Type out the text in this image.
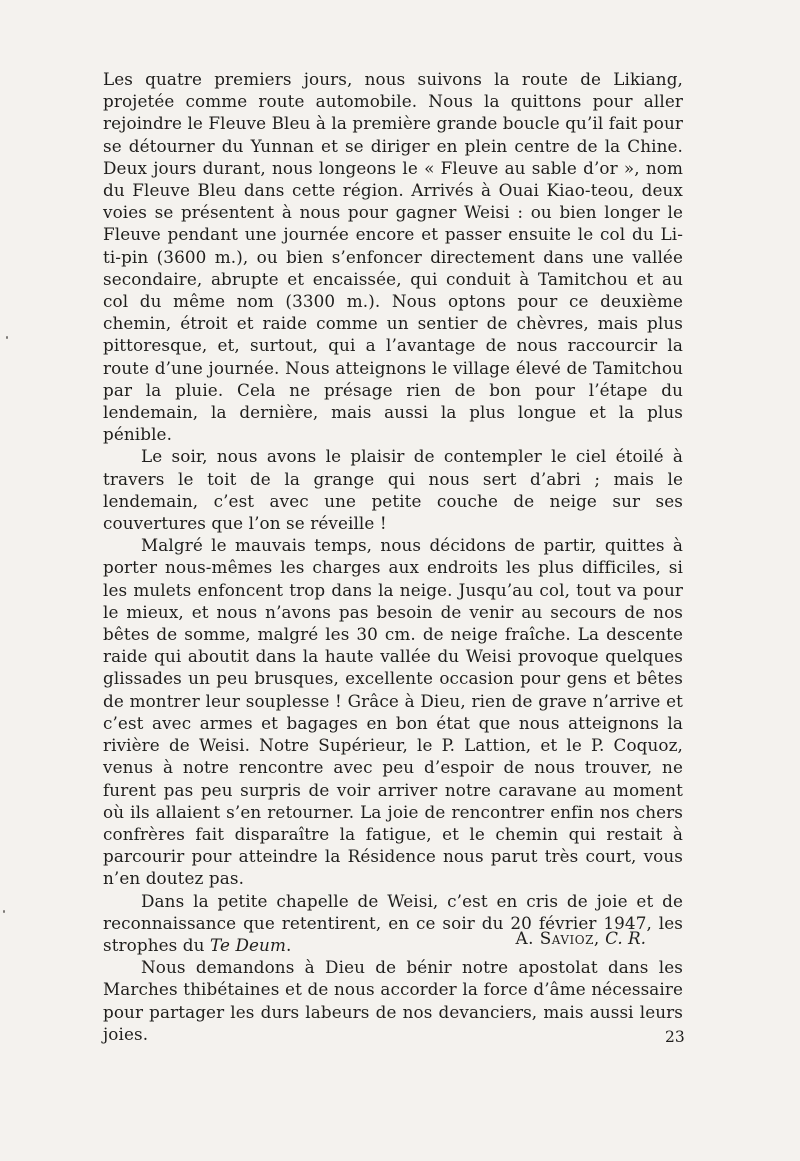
Les quatre premiers jours, nous suivons la route de Likiang, projetée comme route automobile. Nous la quittons pour aller rejoindre le Fleuve Bleu à la première grande boucle qu’il fait pour se détourner du Yunnan et se diriger en plein centre de la Chine. Deux jours durant, nous longeons le « Fleuve au sable d’or », nom du Fleuve Bleu dans cette région. Arrivés à Ouai Kiao-teou, deux voies se présentent à nous pour gagner Weisi : ou bien longer le Fleuve pendant une journée encore et passer ensuite le col du Li-ti-pin (3600 m.), ou bien s’enfoncer directement dans une vallée secondaire, abrupte et encaissée, qui conduit à Tamitchou et au col du même nom (3300 m.). Nous optons pour ce deuxième chemin, étroit et raide comme un sentier de chèvres, mais plus pittoresque, et, surtout, qui a l’avantage de nous raccourcir la route d’une journée. Nous atteignons le village élevé de Tamitchou par la pluie. Cela ne présage rien de bon pour l’étape du lendemain, la dernière, mais aussi la plus longue et la plus pénible.

Le soir, nous avons le plaisir de contempler le ciel étoilé à travers le toit de la grange qui nous sert d’abri ; mais le lendemain, c’est avec une petite couche de neige sur ses couvertures que l’on se réveille !

Malgré le mauvais temps, nous décidons de partir, quittes à porter nous-mêmes les charges aux endroits les plus difficiles, si les mulets enfoncent trop dans la neige. Jusqu’au col, tout va pour le mieux, et nous n’avons pas besoin de venir au secours de nos bêtes de somme, malgré les 30 cm. de neige fraîche. La descente raide qui aboutit dans la haute vallée du Weisi provoque quelques glissades un peu brusques, excellente occasion pour gens et bêtes de montrer leur souplesse ! Grâce à Dieu, rien de grave n’arrive et c’est avec armes et bagages en bon état que nous atteignons la rivière de Weisi. Notre Supérieur, le P. Lattion, et le P. Coquoz, venus à notre rencontre avec peu d’espoir de nous trouver, ne furent pas peu surpris de voir arriver notre caravane au moment où ils allaient s’en retourner. La joie de rencontrer enfin nos chers confrères fait disparaître la fatigue, et le chemin qui restait à parcourir pour atteindre la Résidence nous parut très court, vous n’en doutez pas.

Dans la petite chapelle de Weisi, c’est en cris de joie et de reconnaissance que retentirent, en ce soir du 20 février 1947, les strophes du Te Deum.

Nous demandons à Dieu de bénir notre apostolat dans les Marches thibétaines et de nous accorder la force d’âme nécessaire pour partager les durs labeurs de nos devanciers, mais aussi leurs joies.

A. Savioz, C. R.
23
